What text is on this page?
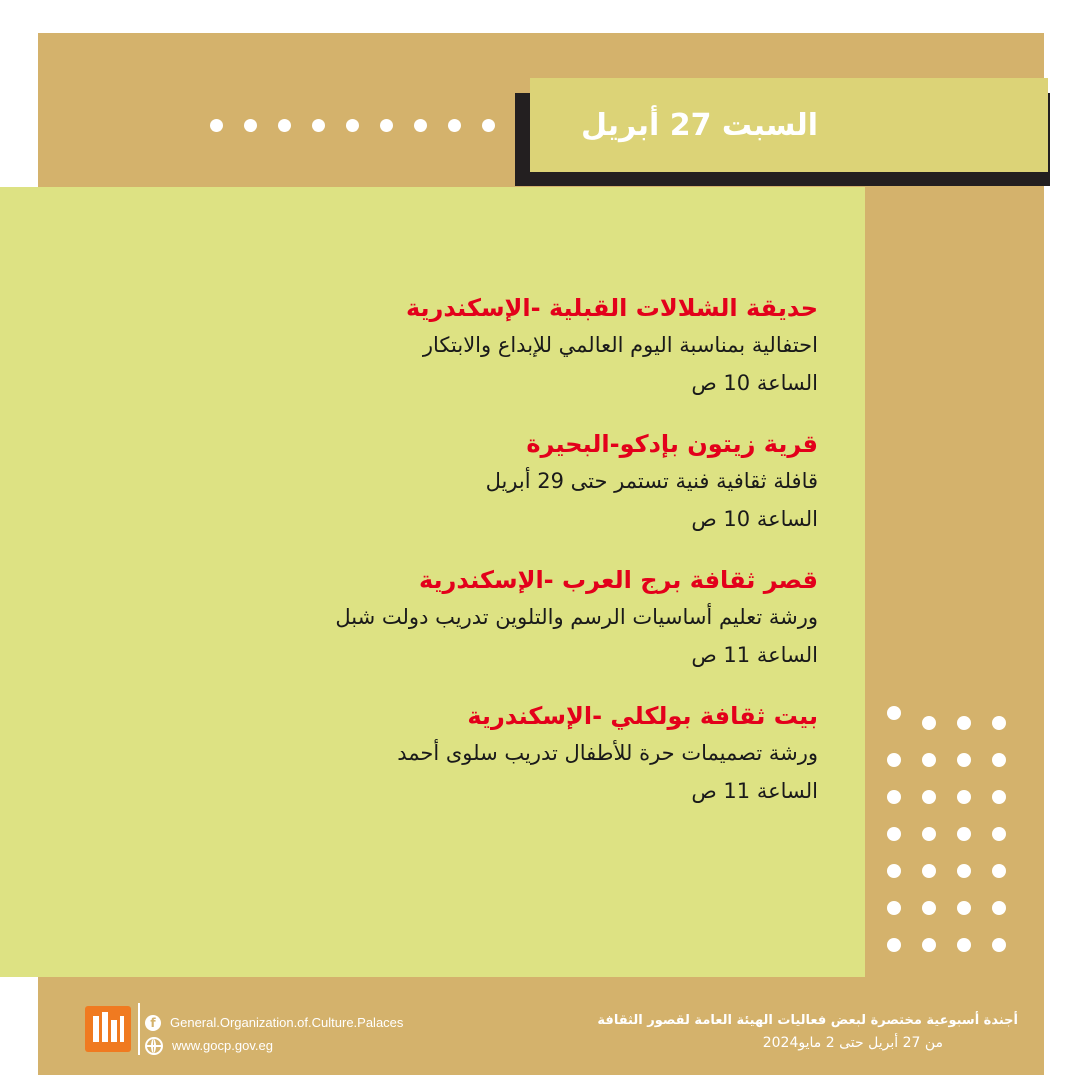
السبت 27 أبريل
حديقة الشلالات القبلية -الإسكندرية
احتفالية بمناسبة اليوم العالمي للإبداع والابتكار
الساعة 10 ص
قرية زيتون بإدكو-البحيرة
قافلة ثقافية فنية تستمر حتى 29 أبريل
الساعة 10 ص
قصر ثقافة برج العرب -الإسكندرية
ورشة تعليم أساسيات الرسم والتلوين تدريب دولت شبل
الساعة 11 ص
بيت ثقافة بولكلي -الإسكندرية
ورشة تصميمات حرة للأطفال تدريب سلوى أحمد
الساعة 11 ص
f	General.Organization.of.Culture.Palaces
www.gocp.gov.eg
أجندة أسبوعية مختصرة لبعض فعاليات الهيئة العامة لقصور الثقافة
من 27 أبريل حتى 2 مايو2024
